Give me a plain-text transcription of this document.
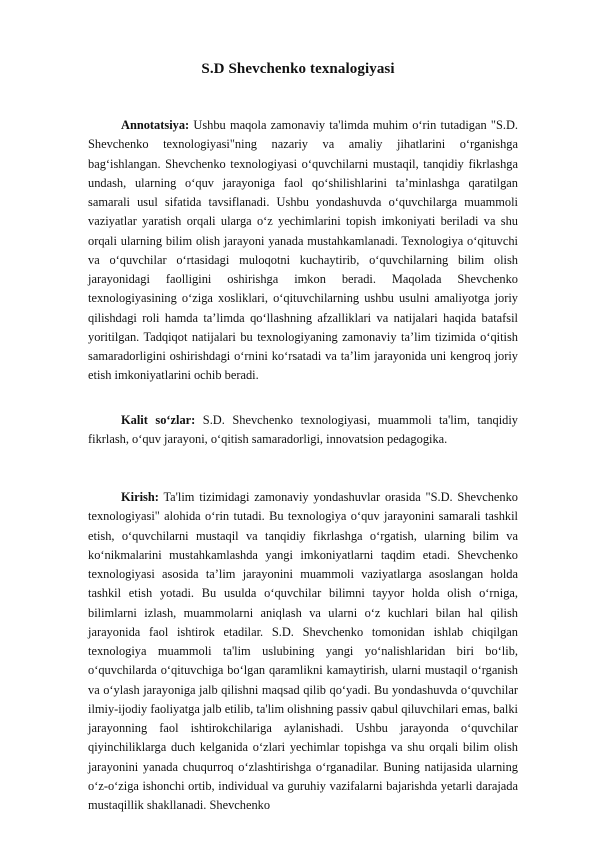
S.D Shevchenko texnalogiyasi

Annotatsiya: Ushbu maqola zamonaviy ta'limda muhim o‘rin tutadigan "S.D. Shevchenko texnologiyasi"ning nazariy va amaliy jihatlarini o‘rganishga bag‘ishlangan. Shevchenko texnologiyasi o‘quvchilarni mustaqil, tanqidiy fikrlashga undash, ularning o‘quv jarayoniga faol qo‘shilishlarini ta’minlashga qaratilgan samarali usul sifatida tavsiflanadi. Ushbu yondashuvda o‘quvchilarga muammoli vaziyatlar yaratish orqali ularga o‘z yechimlarini topish imkoniyati beriladi va shu orqali ularning bilim olish jarayoni yanada mustahkamlanadi. Texnologiya o‘qituvchi va o‘quvchilar o‘rtasidagi muloqotni kuchaytirib, o‘quvchilarning bilim olish jarayonidagi faolligini oshirishga imkon beradi. Maqolada Shevchenko texnologiyasining o‘ziga xosliklari, o‘qituvchilarning ushbu usulni amaliyotga joriy qilishdagi roli hamda ta’limda qo‘llashning afzalliklari va natijalari haqida batafsil yoritilgan. Tadqiqot natijalari bu texnologiyaning zamonaviy ta’lim tizimida o‘qitish samaradorligini oshirishdagi o‘rnini ko‘rsatadi va ta’lim jarayonida uni kengroq joriy etish imkoniyatlarini ochib beradi.

Kalit so‘zlar: S.D. Shevchenko texnologiyasi, muammoli ta'lim, tanqidiy fikrlash, o‘quv jarayoni, o‘qitish samaradorligi, innovatsion pedagogika.

Kirish: Ta'lim tizimidagi zamonaviy yondashuvlar orasida "S.D. Shevchenko texnologiyasi" alohida o‘rin tutadi. Bu texnologiya o‘quv jarayonini samarali tashkil etish, o‘quvchilarni mustaqil va tanqidiy fikrlashga o‘rgatish, ularning bilim va ko‘nikmalarini mustahkamlashda yangi imkoniyatlarni taqdim etadi. Shevchenko texnologiyasi asosida ta’lim jarayonini muammoli vaziyatlarga asoslangan holda tashkil etish yotadi. Bu usulda o‘quvchilar bilimni tayyor holda olish o‘rniga, bilimlarni izlash, muammolarni aniqlash va ularni o‘z kuchlari bilan hal qilish jarayonida faol ishtirok etadilar. S.D. Shevchenko tomonidan ishlab chiqilgan texnologiya muammoli ta'lim uslubining yangi yo‘nalishlaridan biri bo‘lib, o‘quvchilarda o‘qituvchiga bo‘lgan qaramlikni kamaytirish, ularni mustaqil o‘rganish va o‘ylash jarayoniga jalb qilishni maqsad qilib qo‘yadi. Bu yondashuvda o‘quvchilar ilmiy-ijodiy faoliyatga jalb etilib, ta'lim olishning passiv qabul qiluvchilari emas, balki jarayonning faol ishtirokchilariga aylanishadi. Ushbu jarayonda o‘quvchilar qiyinchiliklarga duch kelganida o‘zlari yechimlar topishga va shu orqali bilim olish jarayonini yanada chuqurroq o‘zlashtirishga o‘rganadilar. Buning natijasida ularning o‘z-o‘ziga ishonchi ortib, individual va guruhiy vazifalarni bajarishda yetarli darajada mustaqillik shakllanadi. Shevchenko
